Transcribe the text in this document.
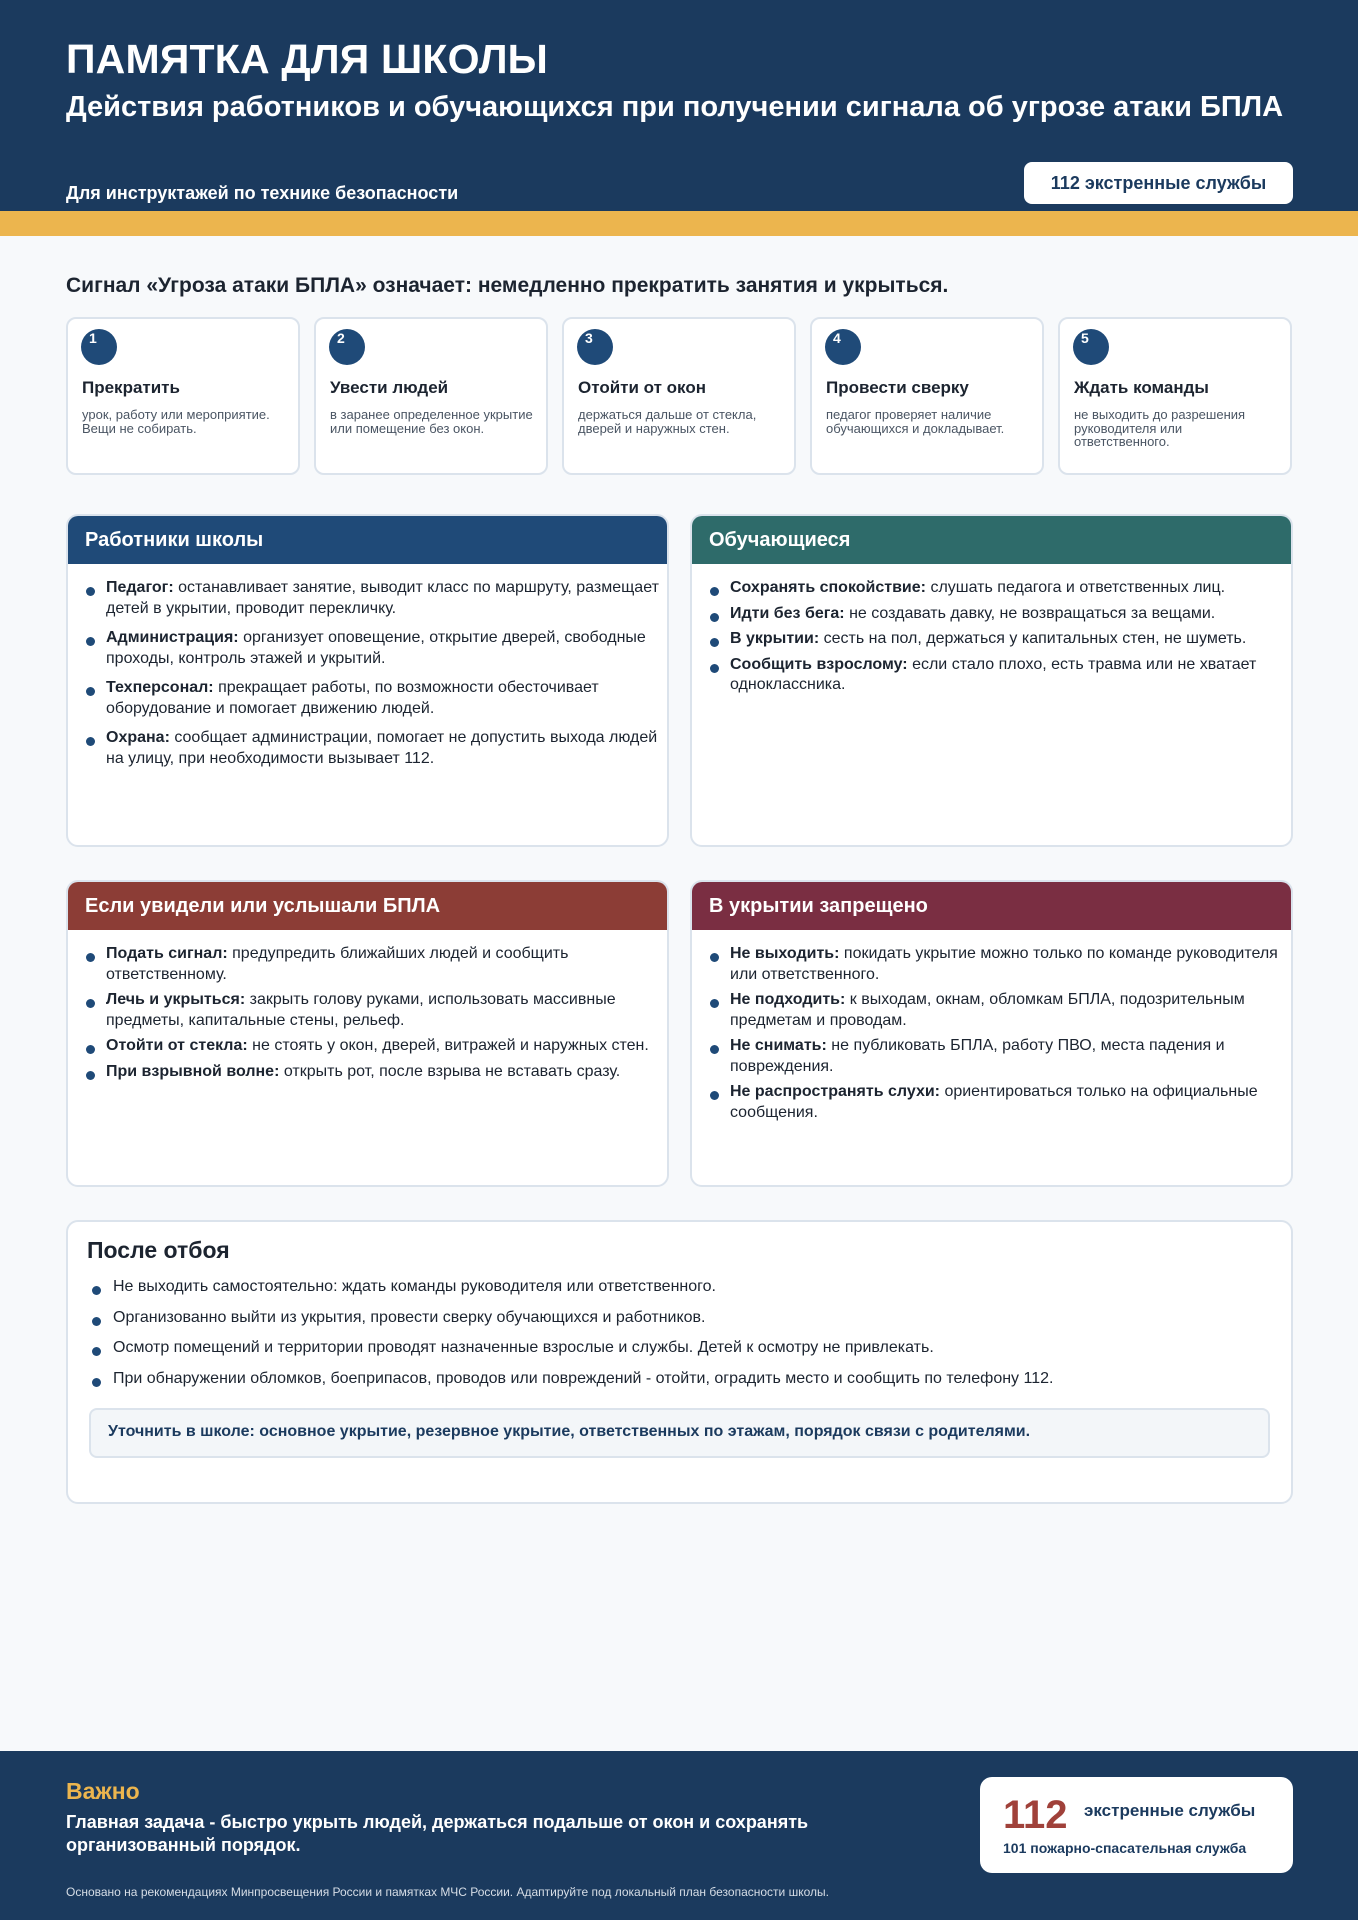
ПАМЯТКА ДЛЯ ШКОЛЫ
Действия работников и обучающихся при получении сигнала об угрозе атаки БПЛА
Для инструктажей по технике безопасности
112 экстренные службы
Сигнал «Угроза атаки БПЛА» означает: немедленно прекратить занятия и укрыться.
1
Прекратить
урок, работу или мероприятие. Вещи не собирать.
2
Увести людей
в заранее определенное укрытие или помещение без окон.
3
Отойти от окон
держаться дальше от стекла, дверей и наружных стен.
4
Провести сверку
педагог проверяет наличие обучающихся и докладывает.
5
Ждать команды
не выходить до разрешения руководителя или ответственного.
Работники школы
Педагог: останавливает занятие, выводит класс по маршруту, размещает детей в укрытии, проводит перекличку.
Администрация: организует оповещение, открытие дверей, свободные проходы, контроль этажей и укрытий.
Техперсонал: прекращает работы, по возможности обесточивает оборудование и помогает движению людей.
Охрана: сообщает администрации, помогает не допустить выхода людей на улицу, при необходимости вызывает 112.
Обучающиеся
Сохранять спокойствие: слушать педагога и ответственных лиц.
Идти без бега: не создавать давку, не возвращаться за вещами.
В укрытии: сесть на пол, держаться у капитальных стен, не шуметь.
Сообщить взрослому: если стало плохо, есть травма или не хватает одноклассника.
Если увидели или услышали БПЛА
Подать сигнал: предупредить ближайших людей и сообщить ответственному.
Лечь и укрыться: закрыть голову руками, использовать массивные предметы, капитальные стены, рельеф.
Отойти от стекла: не стоять у окон, дверей, витражей и наружных стен.
При взрывной волне: открыть рот, после взрыва не вставать сразу.
В укрытии запрещено
Не выходить: покидать укрытие можно только по команде руководителя или ответственного.
Не подходить: к выходам, окнам, обломкам БПЛА, подозрительным предметам и проводам.
Не снимать: не публиковать БПЛА, работу ПВО, места падения и повреждения.
Не распространять слухи: ориентироваться только на официальные сообщения.
После отбоя
Не выходить самостоятельно: ждать команды руководителя или ответственного.
Организованно выйти из укрытия, провести сверку обучающихся и работников.
Осмотр помещений и территории проводят назначенные взрослые и службы. Детей к осмотру не привлекать.
При обнаружении обломков, боеприпасов, проводов или повреждений - отойти, оградить место и сообщить по телефону 112.
Уточнить в школе: основное укрытие, резервное укрытие, ответственных по этажам, порядок связи с родителями.
Важно
Главная задача - быстро укрыть людей, держаться подальше от окон и сохранять организованный порядок.
Основано на рекомендациях Минпросвещения России и памятках МЧС России. Адаптируйте под локальный план безопасности школы.
112 экстренные службы
101 пожарно-спасательная служба
